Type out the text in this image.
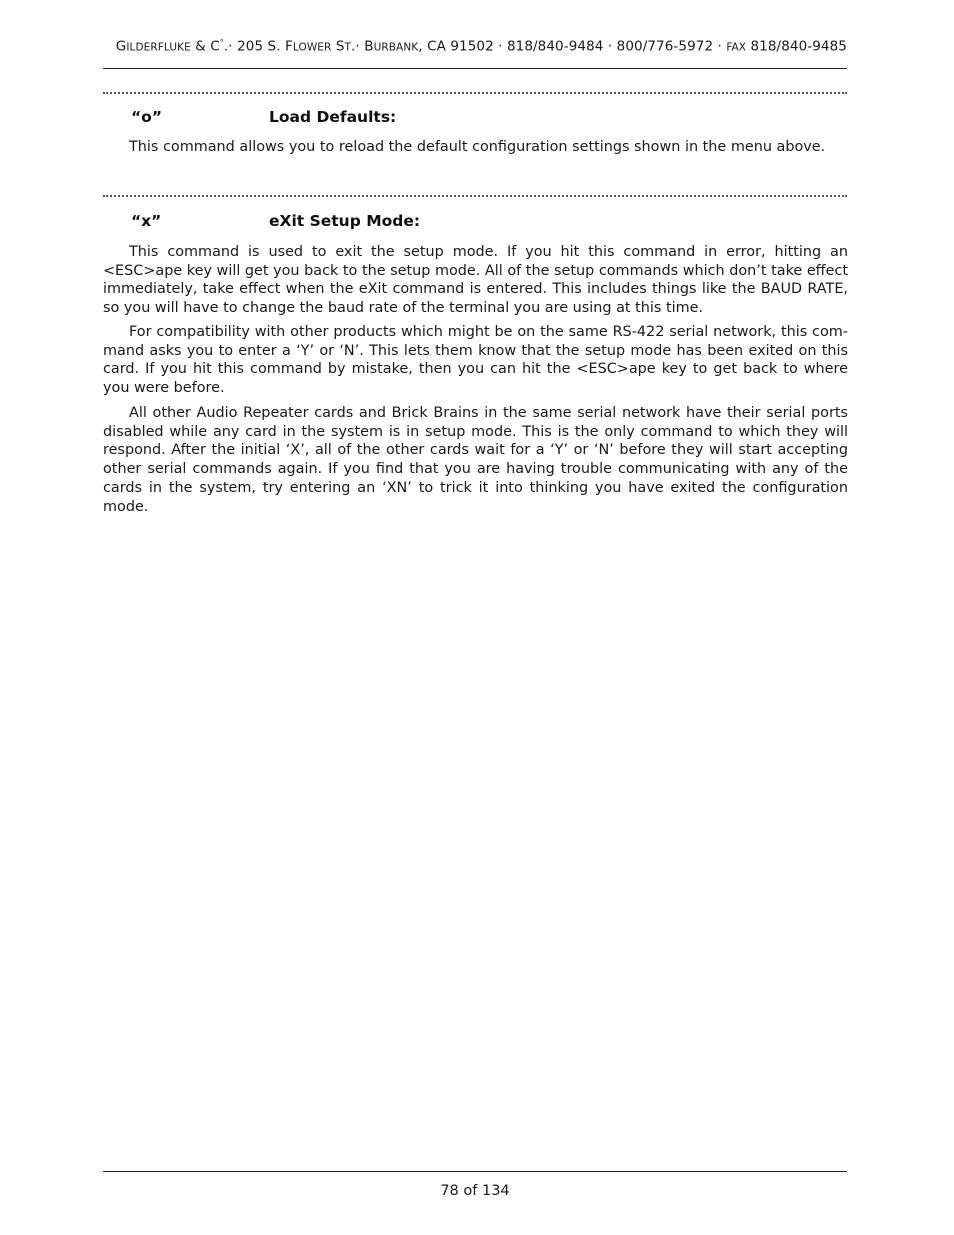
GILDERFLUKE & C°.· 205 S. FLOWER ST.· BURBANK, CA 91502 · 818/840-9484 · 800/776-5972 · FAX 818/840-9485
“o”	Load Defaults:

This command allows you to reload the default configuration settings shown in the menu above.

“x”	eXit Setup Mode:

This command is used to exit the setup mode. If you hit this command in error, hitting an <ESC>ape key will get you back to the setup mode. All of the setup commands which don’t take effect immediately, take effect when the eXit command is entered. This includes things like the BAUD RATE, so you will have to change the baud rate of the terminal you are using at this time.

For compatibility with other products which might be on the same RS-422 serial network, this command asks you to enter a ‘Y’ or ‘N’. This lets them know that the setup mode has been exited on this card. If you hit this command by mistake, then you can hit the <ESC>ape key to get back to where you were before.

All other Audio Repeater cards and Brick Brains in the same serial network have their serial ports disabled while any card in the system is in setup mode. This is the only command to which they will respond. After the initial ‘X’, all of the other cards wait for a ‘Y’ or ‘N’ before they will start accepting other serial commands again. If you find that you are having trouble communicating with any of the cards in the system, try entering an ‘XN’ to trick it into thinking you have exited the configuration mode.

78 of 134
